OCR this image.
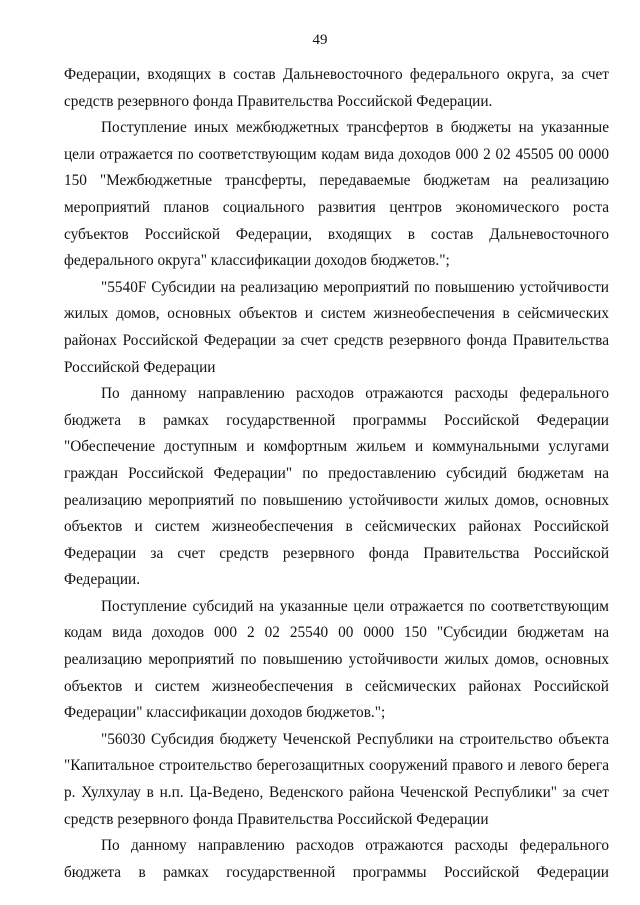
49

Федерации, входящих в состав Дальневосточного федерального округа, за счет средств резервного фонда Правительства Российской Федерации.

Поступление иных межбюджетных трансфертов в бюджеты на указанные цели отражается по соответствующим кодам вида доходов 000 2 02 45505 00 0000 150 "Межбюджетные трансферты, передаваемые бюджетам на реализацию мероприятий планов социального развития центров экономического роста субъектов Российской Федерации, входящих в состав Дальневосточного федерального округа" классификации доходов бюджетов.";

"5540F Субсидии на реализацию мероприятий по повышению устойчивости жилых домов, основных объектов и систем жизнеобеспечения в сейсмических районах Российской Федерации за счет средств резервного фонда Правительства Российской Федерации

По данному направлению расходов отражаются расходы федерального бюджета в рамках государственной программы Российской Федерации "Обеспечение доступным и комфортным жильем и коммунальными услугами граждан Российской Федерации" по предоставлению субсидий бюджетам на реализацию мероприятий по повышению устойчивости жилых домов, основных объектов и систем жизнеобеспечения в сейсмических районах Российской Федерации за счет средств резервного фонда Правительства Российской Федерации.

Поступление субсидий на указанные цели отражается по соответствующим кодам вида доходов 000 2 02 25540 00 0000 150 "Субсидии бюджетам на реализацию мероприятий по повышению устойчивости жилых домов, основных объектов и систем жизнеобеспечения в сейсмических районах Российской Федерации" классификации доходов бюджетов.";

"56030 Субсидия бюджету Чеченской Республики на строительство объекта "Капитальное строительство берегозащитных сооружений правого и левого берега р. Хулхулау в н.п. Ца-Ведено, Веденского района Чеченской Республики" за счет средств резервного фонда Правительства Российской Федерации

По данному направлению расходов отражаются расходы федерального бюджета в рамках государственной программы Российской Федерации
